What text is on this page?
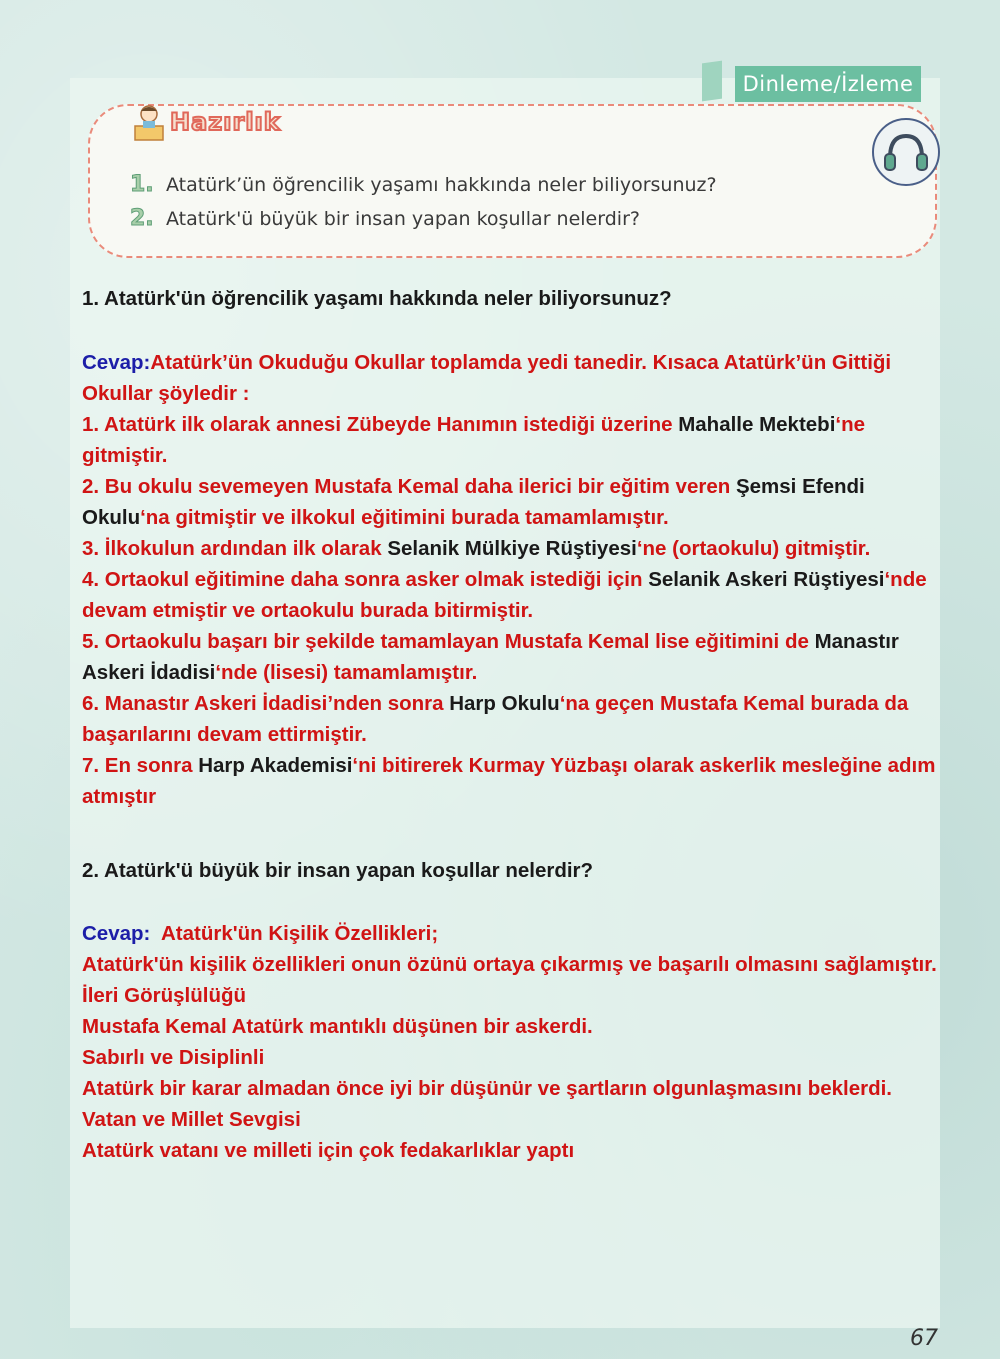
Dinleme/İzleme
Hazırlık
1. Atatürk’ün öğrencilik yaşamı hakkında neler biliyorsunuz?
2. Atatürk'ü büyük bir insan yapan koşullar nelerdir?

1. Atatürk'ün öğrencilik yaşamı hakkında neler biliyorsunuz?

Cevap:Atatürk’ün Okuduğu Okullar toplamda yedi tanedir. Kısaca Atatürk’ün Gittiği Okullar şöyledir :

1. Atatürk ilk olarak annesi Zübeyde Hanımın istediği üzerine Mahalle Mektebi‘ne gitmiştir.

2. Bu okulu sevemeyen Mustafa Kemal daha ilerici bir eğitim veren Şemsi Efendi Okulu‘na gitmiştir ve ilkokul eğitimini burada tamamlamıştır.

3. İlkokulun ardından ilk olarak Selanik Mülkiye Rüştiyesi‘ne (ortaokulu) gitmiştir.

4. Ortaokul eğitimine daha sonra asker olmak istediği için Selanik Askeri Rüştiyesi‘nde devam etmiştir ve ortaokulu burada bitirmiştir.

5. Ortaokulu başarı bir şekilde tamamlayan Mustafa Kemal lise eğitimini de Manastır Askeri İdadisi‘nde (lisesi) tamamlamıştır.

6. Manastır Askeri İdadisi’nden sonra Harp Okulu‘na geçen Mustafa Kemal burada da başarılarını devam ettirmiştir.

7. En sonra Harp Akademisi‘ni bitirerek Kurmay Yüzbaşı olarak askerlik mesleğine adım atmıştır

2. Atatürk'ü büyük bir insan yapan koşullar nelerdir?

Cevap: Atatürk'ün Kişilik Özellikleri;

Atatürk'ün kişilik özellikleri onun özünü ortaya çıkarmış ve başarılı olmasını sağlamıştır.

İleri Görüşlülüğü

Mustafa Kemal Atatürk mantıklı düşünen bir askerdi.

Sabırlı ve Disiplinli

Atatürk bir karar almadan önce iyi bir düşünür ve şartların olgunlaşmasını beklerdi.

Vatan ve Millet Sevgisi

Atatürk vatanı ve milleti için çok fedakarlıklar yaptı

67
